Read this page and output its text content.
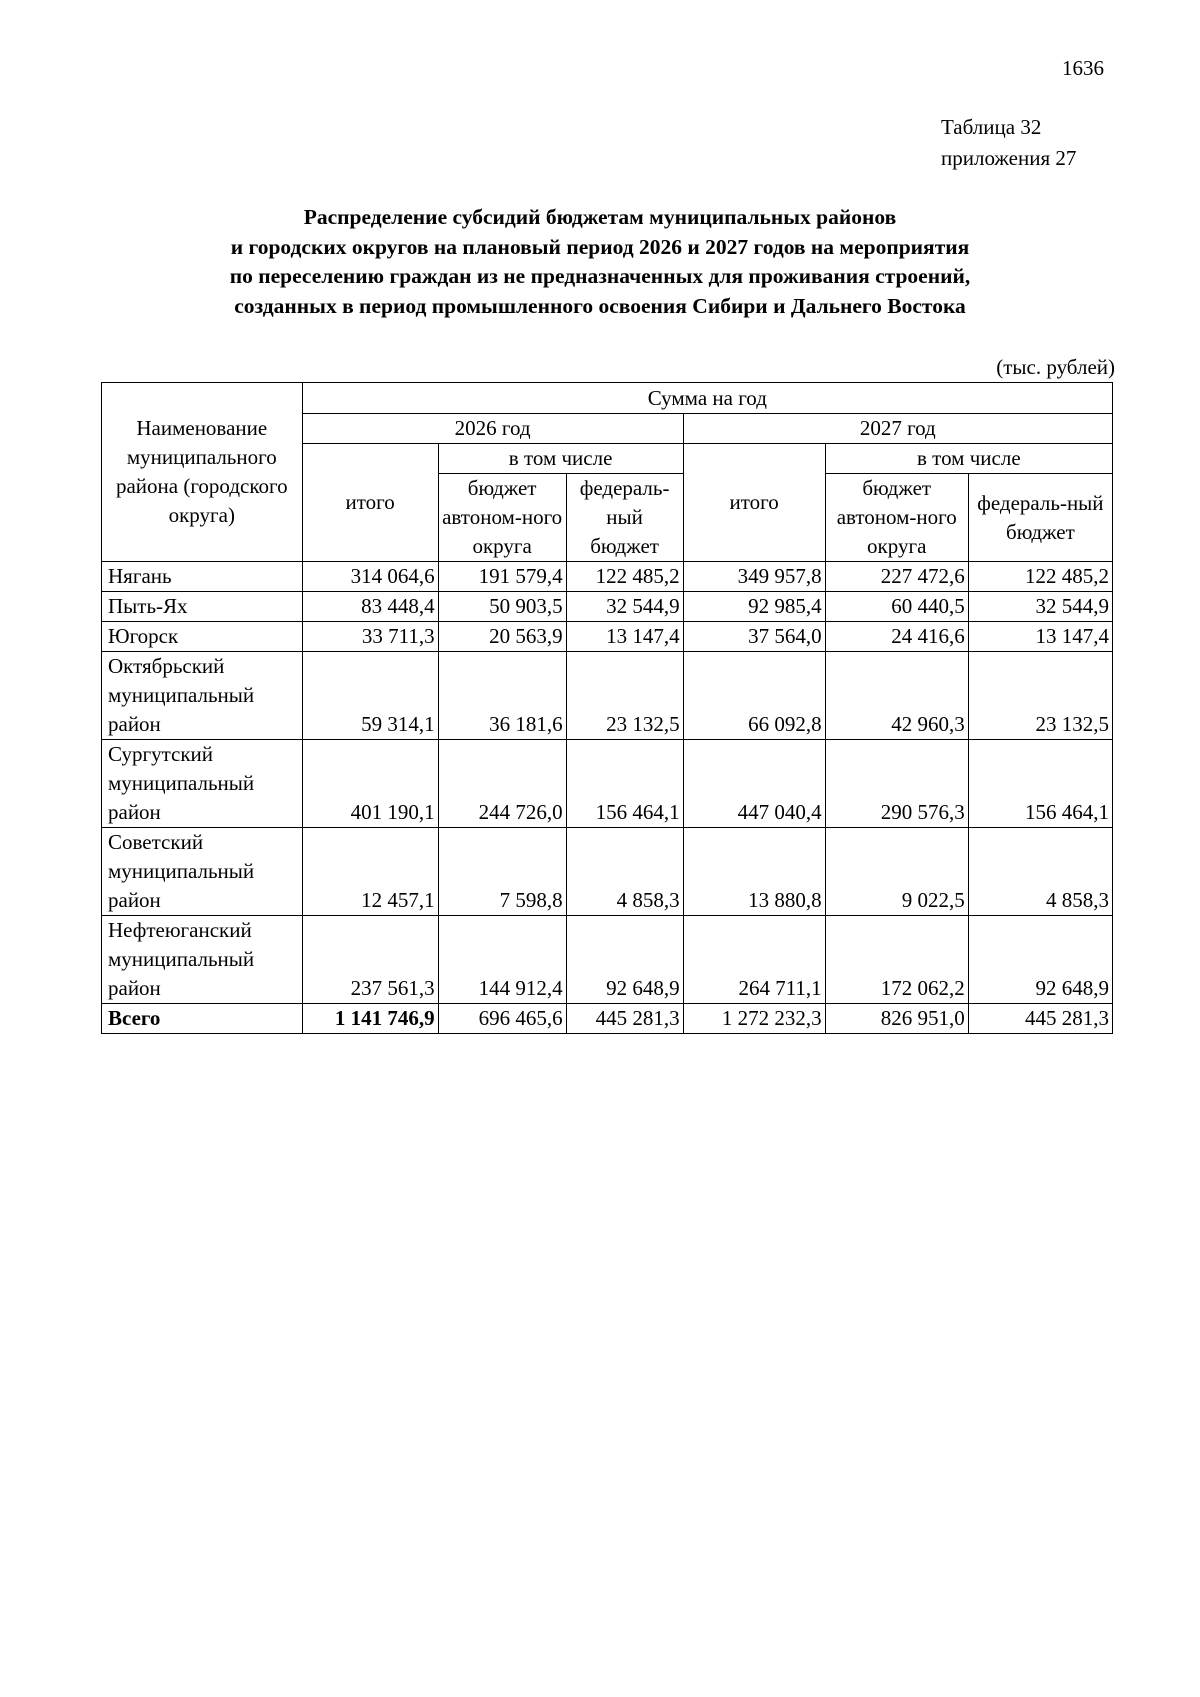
1636
Таблица 32
приложения 27
Распределение субсидий бюджетам муниципальных районов
и городских округов на плановый период 2026 и 2027 годов на мероприятия
по переселению граждан из не предназначенных для проживания строений,
созданных в период промышленного освоения Сибири и Дальнего Востока
(тыс. рублей)
Наименование муниципального района (городского округа)	Сумма на год					
	2026 год			2027 год		
	итого	в том числе		итого	в том числе	
		бюджет автоном-ного округа	федераль-ный бюджет		бюджет автоном-ного округа	федераль-ный бюджет
Нягань	314 064,6	191 579,4	122 485,2	349 957,8	227 472,6	122 485,2
Пыть-Ях	83 448,4	50 903,5	32 544,9	92 985,4	60 440,5	32 544,9
Югорск	33 711,3	20 563,9	13 147,4	37 564,0	24 416,6	13 147,4
Октябрьский муниципальный район	59 314,1	36 181,6	23 132,5	66 092,8	42 960,3	23 132,5
Сургутский муниципальный район	401 190,1	244 726,0	156 464,1	447 040,4	290 576,3	156 464,1
Советский муниципальный район	12 457,1	7 598,8	4 858,3	13 880,8	9 022,5	4 858,3
Нефтеюганский муниципальный район	237 561,3	144 912,4	92 648,9	264 711,1	172 062,2	92 648,9
Всего	1 141 746,9	696 465,6	445 281,3	1 272 232,3	826 951,0	445 281,3
